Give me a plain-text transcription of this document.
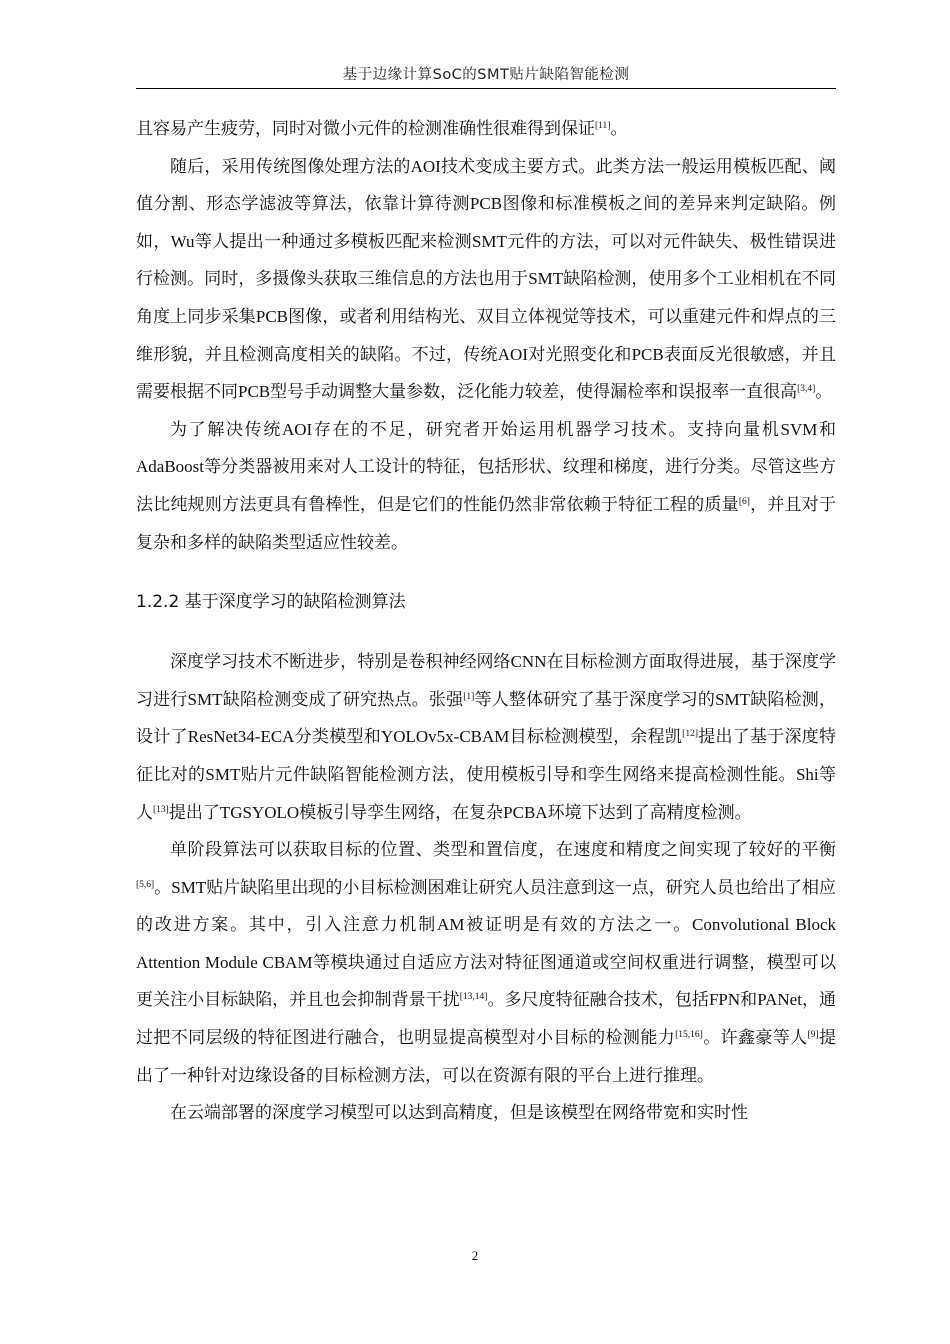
基于边缘计算SoC的SMT贴片缺陷智能检测

且容易产生疲劳，同时对微小元件的检测准确性很难得到保证[11]。

随后，采用传统图像处理方法的AOI技术变成主要方式。此类方法一般运用模板匹配、阈值分割、形态学滤波等算法，依靠计算待测PCB图像和标准模板之间的差异来判定缺陷。例如，Wu等人提出一种通过多模板匹配来检测SMT元件的方法，可以对元件缺失、极性错误进行检测。同时，多摄像头获取三维信息的方法也用于SMT缺陷检测，使用多个工业相机在不同角度上同步采集PCB图像，或者利用结构光、双目立体视觉等技术，可以重建元件和焊点的三维形貌，并且检测高度相关的缺陷。不过，传统AOI对光照变化和PCB表面反光很敏感，并且需要根据不同PCB型号手动调整大量参数，泛化能力较差，使得漏检率和误报率一直很高[3,4]。

为了解决传统AOI存在的不足，研究者开始运用机器学习技术。支持向量机SVM和AdaBoost等分类器被用来对人工设计的特征，包括形状、纹理和梯度，进行分类。尽管这些方法比纯规则方法更具有鲁棒性，但是它们的性能仍然非常依赖于特征工程的质量[6]，并且对于复杂和多样的缺陷类型适应性较差。

1.2.2 基于深度学习的缺陷检测算法

深度学习技术不断进步，特别是卷积神经网络CNN在目标检测方面取得进展，基于深度学习进行SMT缺陷检测变成了研究热点。张强[1]等人整体研究了基于深度学习的SMT缺陷检测，设计了ResNet34-ECA分类模型和YOLOv5x-CBAM目标检测模型，余程凯[12]提出了基于深度特征比对的SMT贴片元件缺陷智能检测方法，使用模板引导和孪生网络来提高检测性能。Shi等人[13]提出了TGSYOLO模板引导孪生网络，在复杂PCBA环境下达到了高精度检测。

单阶段算法可以获取目标的位置、类型和置信度，在速度和精度之间实现了较好的平衡[5,6]。SMT贴片缺陷里出现的小目标检测困难让研究人员注意到这一点，研究人员也给出了相应的改进方案。其中，引入注意力机制AM被证明是有效的方法之一。Convolutional Block Attention Module CBAM等模块通过自适应方法对特征图通道或空间权重进行调整，模型可以更关注小目标缺陷，并且也会抑制背景干扰[13,14]。多尺度特征融合技术，包括FPN和PANet，通过把不同层级的特征图进行融合，也明显提高模型对小目标的检测能力[15,16]。许鑫豪等人[9]提出了一种针对边缘设备的目标检测方法，可以在资源有限的平台上进行推理。

在云端部署的深度学习模型可以达到高精度，但是该模型在网络带宽和实时性

2
